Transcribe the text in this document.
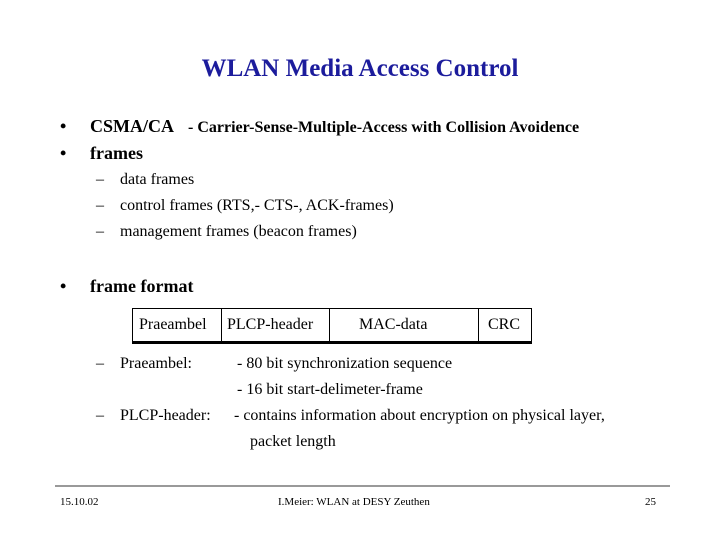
WLAN Media Access Control
• CSMA/CA - Carrier-Sense-Multiple-Access with Collision Avoidence
• frames
– data frames
– control frames (RTS,- CTS-, ACK-frames)
– management frames (beacon frames)
• frame format
Praeambel PLCP-header	MAC-data	CRC
– Praeambel:	- 80 bit synchronization sequence
- 16 bit start-delimeter-frame
– PLCP-header: - contains information about encryption on physical layer,
packet length
15.10.02	I.Meier: WLAN at DESY Zeuthen	25
